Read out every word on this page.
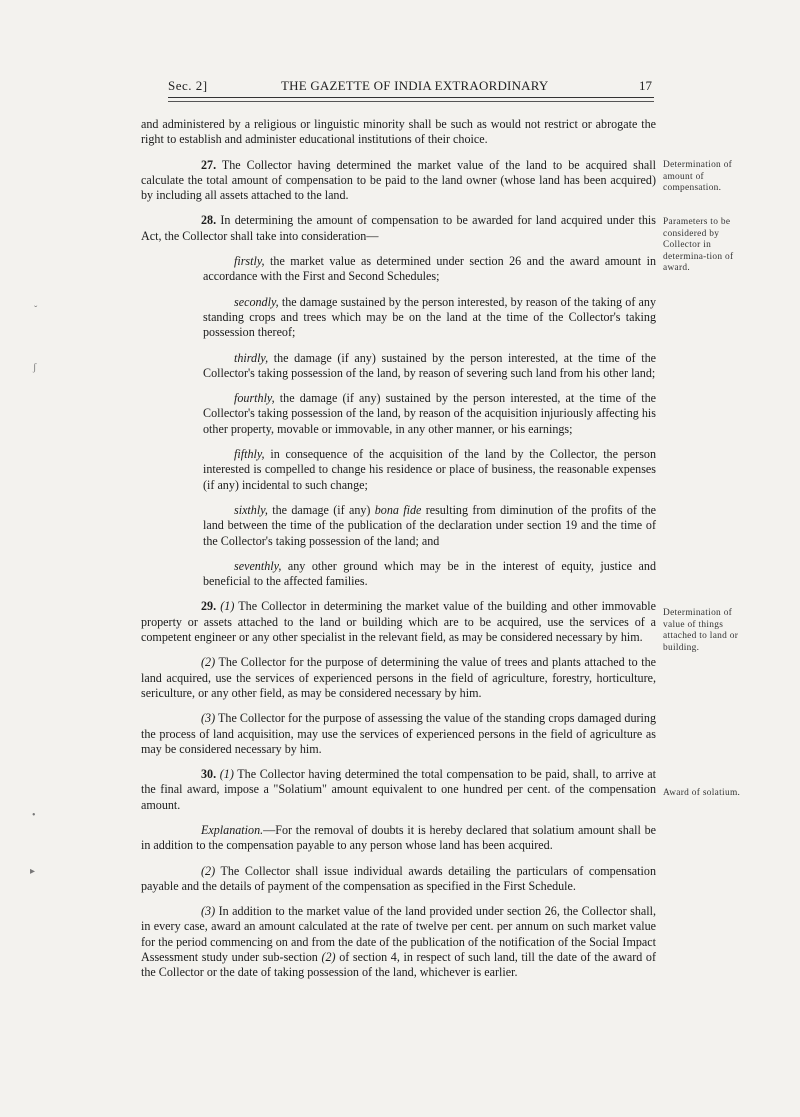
Sec. 2]	THE GAZETTE OF INDIA EXTRAORDINARY	17

and administered by a religious or linguistic minority shall be such as would not restrict or abrogate the right to establish and administer educational institutions of their choice.

27. The Collector having determined the market value of the land to be acquired shall calculate the total amount of compensation to be paid to the land owner (whose land has been acquired) by including all assets attached to the land.

28. In determining the amount of compensation to be awarded for land acquired under this Act, the Collector shall take into consideration—

firstly, the market value as determined under section 26 and the award amount in accordance with the First and Second Schedules;

secondly, the damage sustained by the person interested, by reason of the taking of any standing crops and trees which may be on the land at the time of the Collector's taking possession thereof;

thirdly, the damage (if any) sustained by the person interested, at the time of the Collector's taking possession of the land, by reason of severing such land from his other land;

fourthly, the damage (if any) sustained by the person interested, at the time of the Collector's taking possession of the land, by reason of the acquisition injuriously affecting his other property, movable or immovable, in any other manner, or his earnings;

fifthly, in consequence of the acquisition of the land by the Collector, the person interested is compelled to change his residence or place of business, the reasonable expenses (if any) incidental to such change;

sixthly, the damage (if any) bona fide resulting from diminution of the profits of the land between the time of the publication of the declaration under section 19 and the time of the Collector's taking possession of the land; and

seventhly, any other ground which may be in the interest of equity, justice and beneficial to the affected families.

29. (1) The Collector in determining the market value of the building and other immovable property or assets attached to the land or building which are to be acquired, use the services of a competent engineer or any other specialist in the relevant field, as may be considered necessary by him.

(2) The Collector for the purpose of determining the value of trees and plants attached to the land acquired, use the services of experienced persons in the field of agriculture, forestry, horticulture, sericulture, or any other field, as may be considered necessary by him.

(3) The Collector for the purpose of assessing the value of the standing crops damaged during the process of land acquisition, may use the services of experienced persons in the field of agriculture as may be considered necessary by him.

30. (1) The Collector having determined the total compensation to be paid, shall, to arrive at the final award, impose a "Solatium" amount equivalent to one hundred per cent. of the compensation amount.

Explanation.—For the removal of doubts it is hereby declared that solatium amount shall be in addition to the compensation payable to any person whose land has been acquired.

(2) The Collector shall issue individual awards detailing the particulars of compensation payable and the details of payment of the compensation as specified in the First Schedule.

(3) In addition to the market value of the land provided under section 26, the Collector shall, in every case, award an amount calculated at the rate of twelve per cent. per annum on such market value for the period commencing on and from the date of the publication of the notification of the Social Impact Assessment study under sub-section (2) of section 4, in respect of such land, till the date of the award of the Collector or the date of taking possession of the land, whichever is earlier.

Determination of amount of compensation.
Parameters to be considered by Collector in determina-tion of award.
Determination of value of things attached to land or building.
Award of solatium.
ˇ
ʃ
•
▸
